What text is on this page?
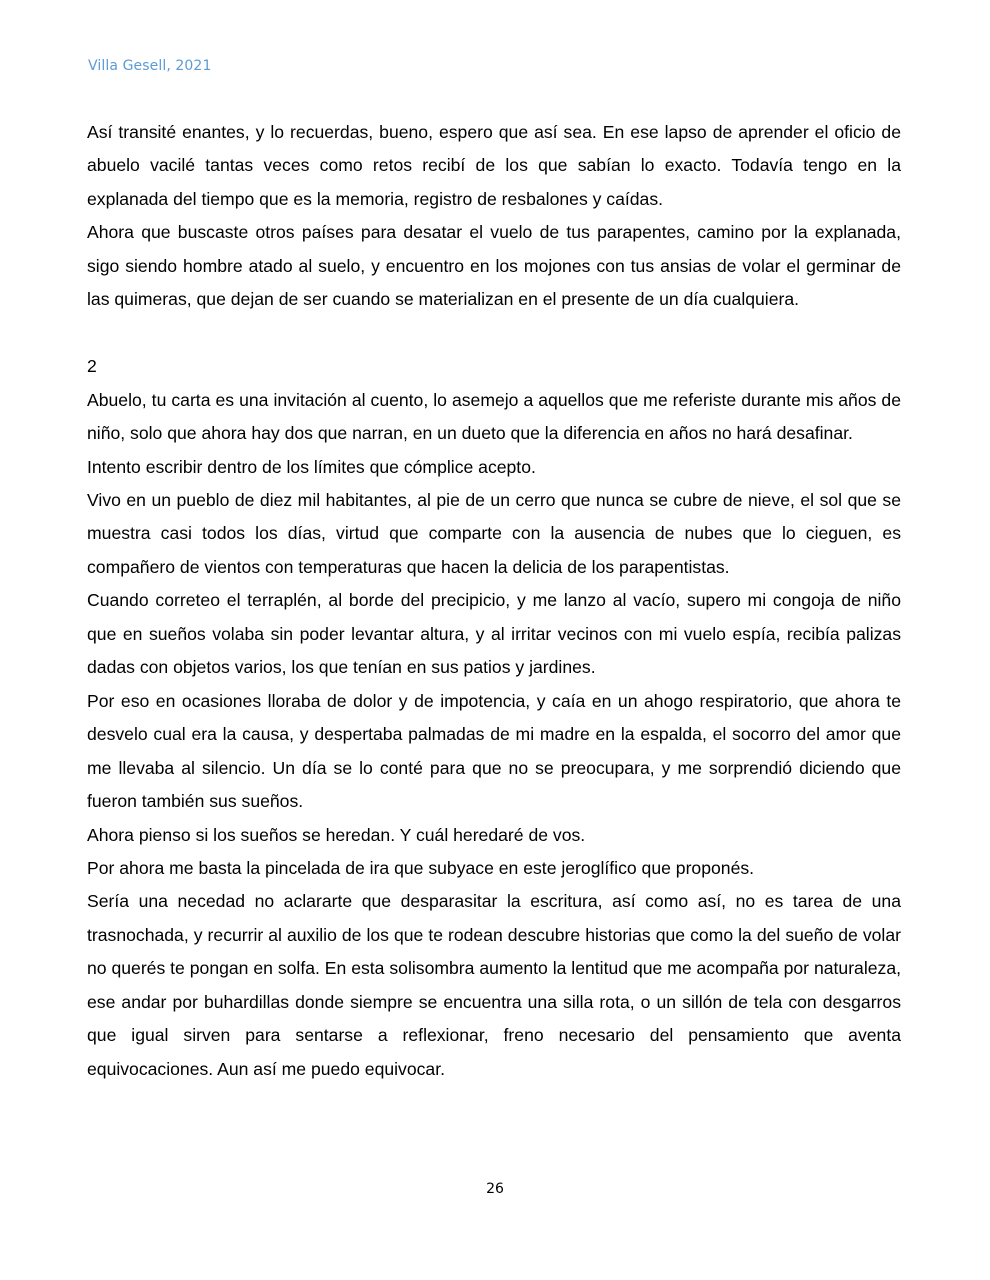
Villa Gesell, 2021

Así transité enantes, y lo recuerdas, bueno, espero que así sea. En ese lapso de aprender el oficio de abuelo vacilé tantas veces como retos recibí de los que sabían lo exacto. Todavía tengo en la explanada del tiempo que es la memoria, registro de resbalones y caídas.

Ahora que buscaste otros países para desatar el vuelo de tus parapentes, camino por la explanada, sigo siendo hombre atado al suelo, y encuentro en los mojones con tus ansias de volar el germinar de las quimeras, que dejan de ser cuando se materializan en el presente de un día cualquiera.

2

Abuelo, tu carta es una invitación al cuento, lo asemejo a aquellos que me referiste durante mis años de niño, solo que ahora hay dos que narran, en un dueto que la diferencia en años no hará desafinar.

Intento escribir dentro de los límites que cómplice acepto.

Vivo en un pueblo de diez mil habitantes, al pie de un cerro que nunca se cubre de nieve, el sol que se muestra casi todos los días, virtud que comparte con la ausencia de nubes que lo cieguen, es compañero de vientos con temperaturas que hacen la delicia de los parapentistas.

Cuando correteo el terraplén, al borde del precipicio, y me lanzo al vacío, supero mi congoja de niño que en sueños volaba sin poder levantar altura, y al irritar vecinos con mi vuelo espía, recibía palizas dadas con objetos varios, los que tenían en sus patios y jardines.

Por eso en ocasiones lloraba de dolor y de impotencia, y caía en un ahogo respiratorio, que ahora te desvelo cual era la causa, y despertaba palmadas de mi madre en la espalda, el socorro del amor que me llevaba al silencio. Un día se lo conté para que no se preocupara, y me sorprendió diciendo que fueron también sus sueños.

Ahora pienso si los sueños se heredan. Y cuál heredaré de vos.

Por ahora me basta la pincelada de ira que subyace en este jeroglífico que proponés.

Sería una necedad no aclararte que desparasitar la escritura, así como así, no es tarea de una trasnochada, y recurrir al auxilio de los que te rodean descubre historias que como la del sueño de volar no querés te pongan en solfa. En esta solisombra aumento la lentitud que me acompaña por naturaleza, ese andar por buhardillas donde siempre se encuentra una silla rota, o un sillón de tela con desgarros que igual sirven para sentarse a reflexionar, freno necesario del pensamiento que aventa equivocaciones. Aun así me puedo equivocar.

26
